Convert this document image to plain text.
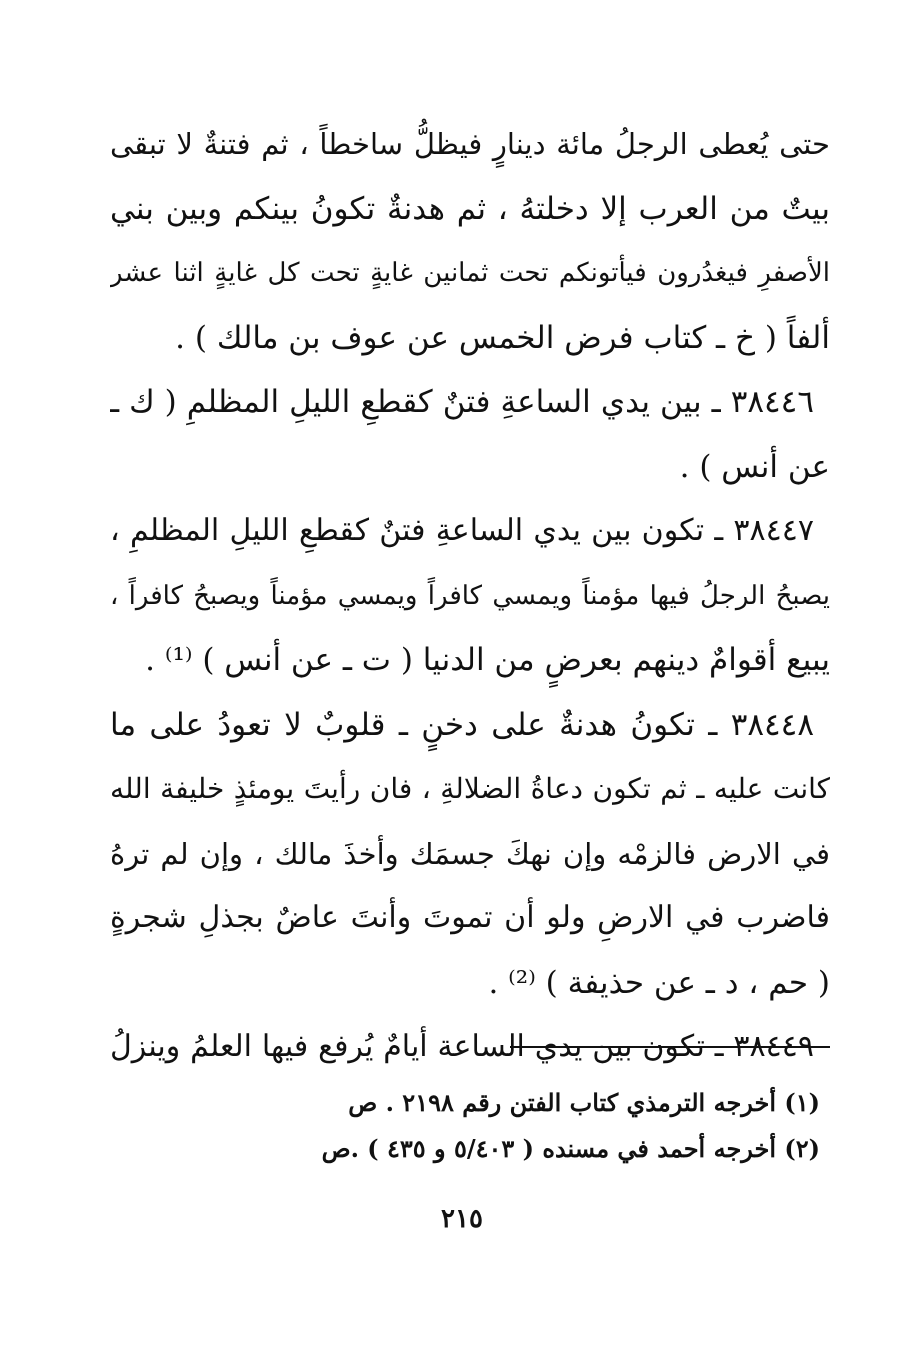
حتى يُعطى الرجلُ مائة دينارٍ فيظلُّ ساخطاً ، ثم فتنةٌ لا تبقى
بيتٌ من العرب إلا دخلتهُ ، ثم هدنةٌ تكونُ بينكم وبين بني
الأصفرِ فيغدُرون فيأتونكم تحت ثمانين غايةٍ تحت كل غايةٍ اثنا عشر
ألفاً ( خ ـ كتاب فرض الخمس عن عوف بن مالك ) .
٣٨٤٤٦ ـ بين يدي الساعةِ فتنٌ كقطعِ الليلِ المظلمِ ( ك ـ
عن أنس ) .
٣٨٤٤٧ ـ تكون بين يدي الساعةِ فتنٌ كقطعِ الليلِ المظلمِ ،
يصبحُ الرجلُ فيها مؤمناً ويمسي كافراً ويمسي مؤمناً ويصبحُ كافراً ،
يبيع أقوامٌ دينهم بعرضٍ من الدنيا ( ت ـ عن أنس ) ⁽¹⁾ .
٣٨٤٤٨ ـ تكونُ هدنةٌ على دخنٍ ـ قلوبٌ لا تعودُ على ما
كانت عليه ـ ثم تكون دعاةُ الضلالةِ ، فان رأيتَ يومئذٍ خليفة الله
في الارض فالزمْه وإن نهكَ جسمَك وأخذَ مالك ، وإن لم ترهُ
فاضرب في الارضِ ولو أن تموتَ وأنتَ عاضٌ بجذلِ شجرةٍ
( حم ، د ـ عن حذيفة ) ⁽²⁾ .
٣٨٤٤٩ ـ تكون بين يدي الساعة أيامٌ يُرفع فيها العلمُ وينزلُ
(١) أخرجه الترمذي كتاب الفتن رقم ٢١٩٨ . ص
(٢) أخرجه أحمد في مسنده ( ٥/٤٠٣ و ٤٣٥ ) .ص
٢١٥
